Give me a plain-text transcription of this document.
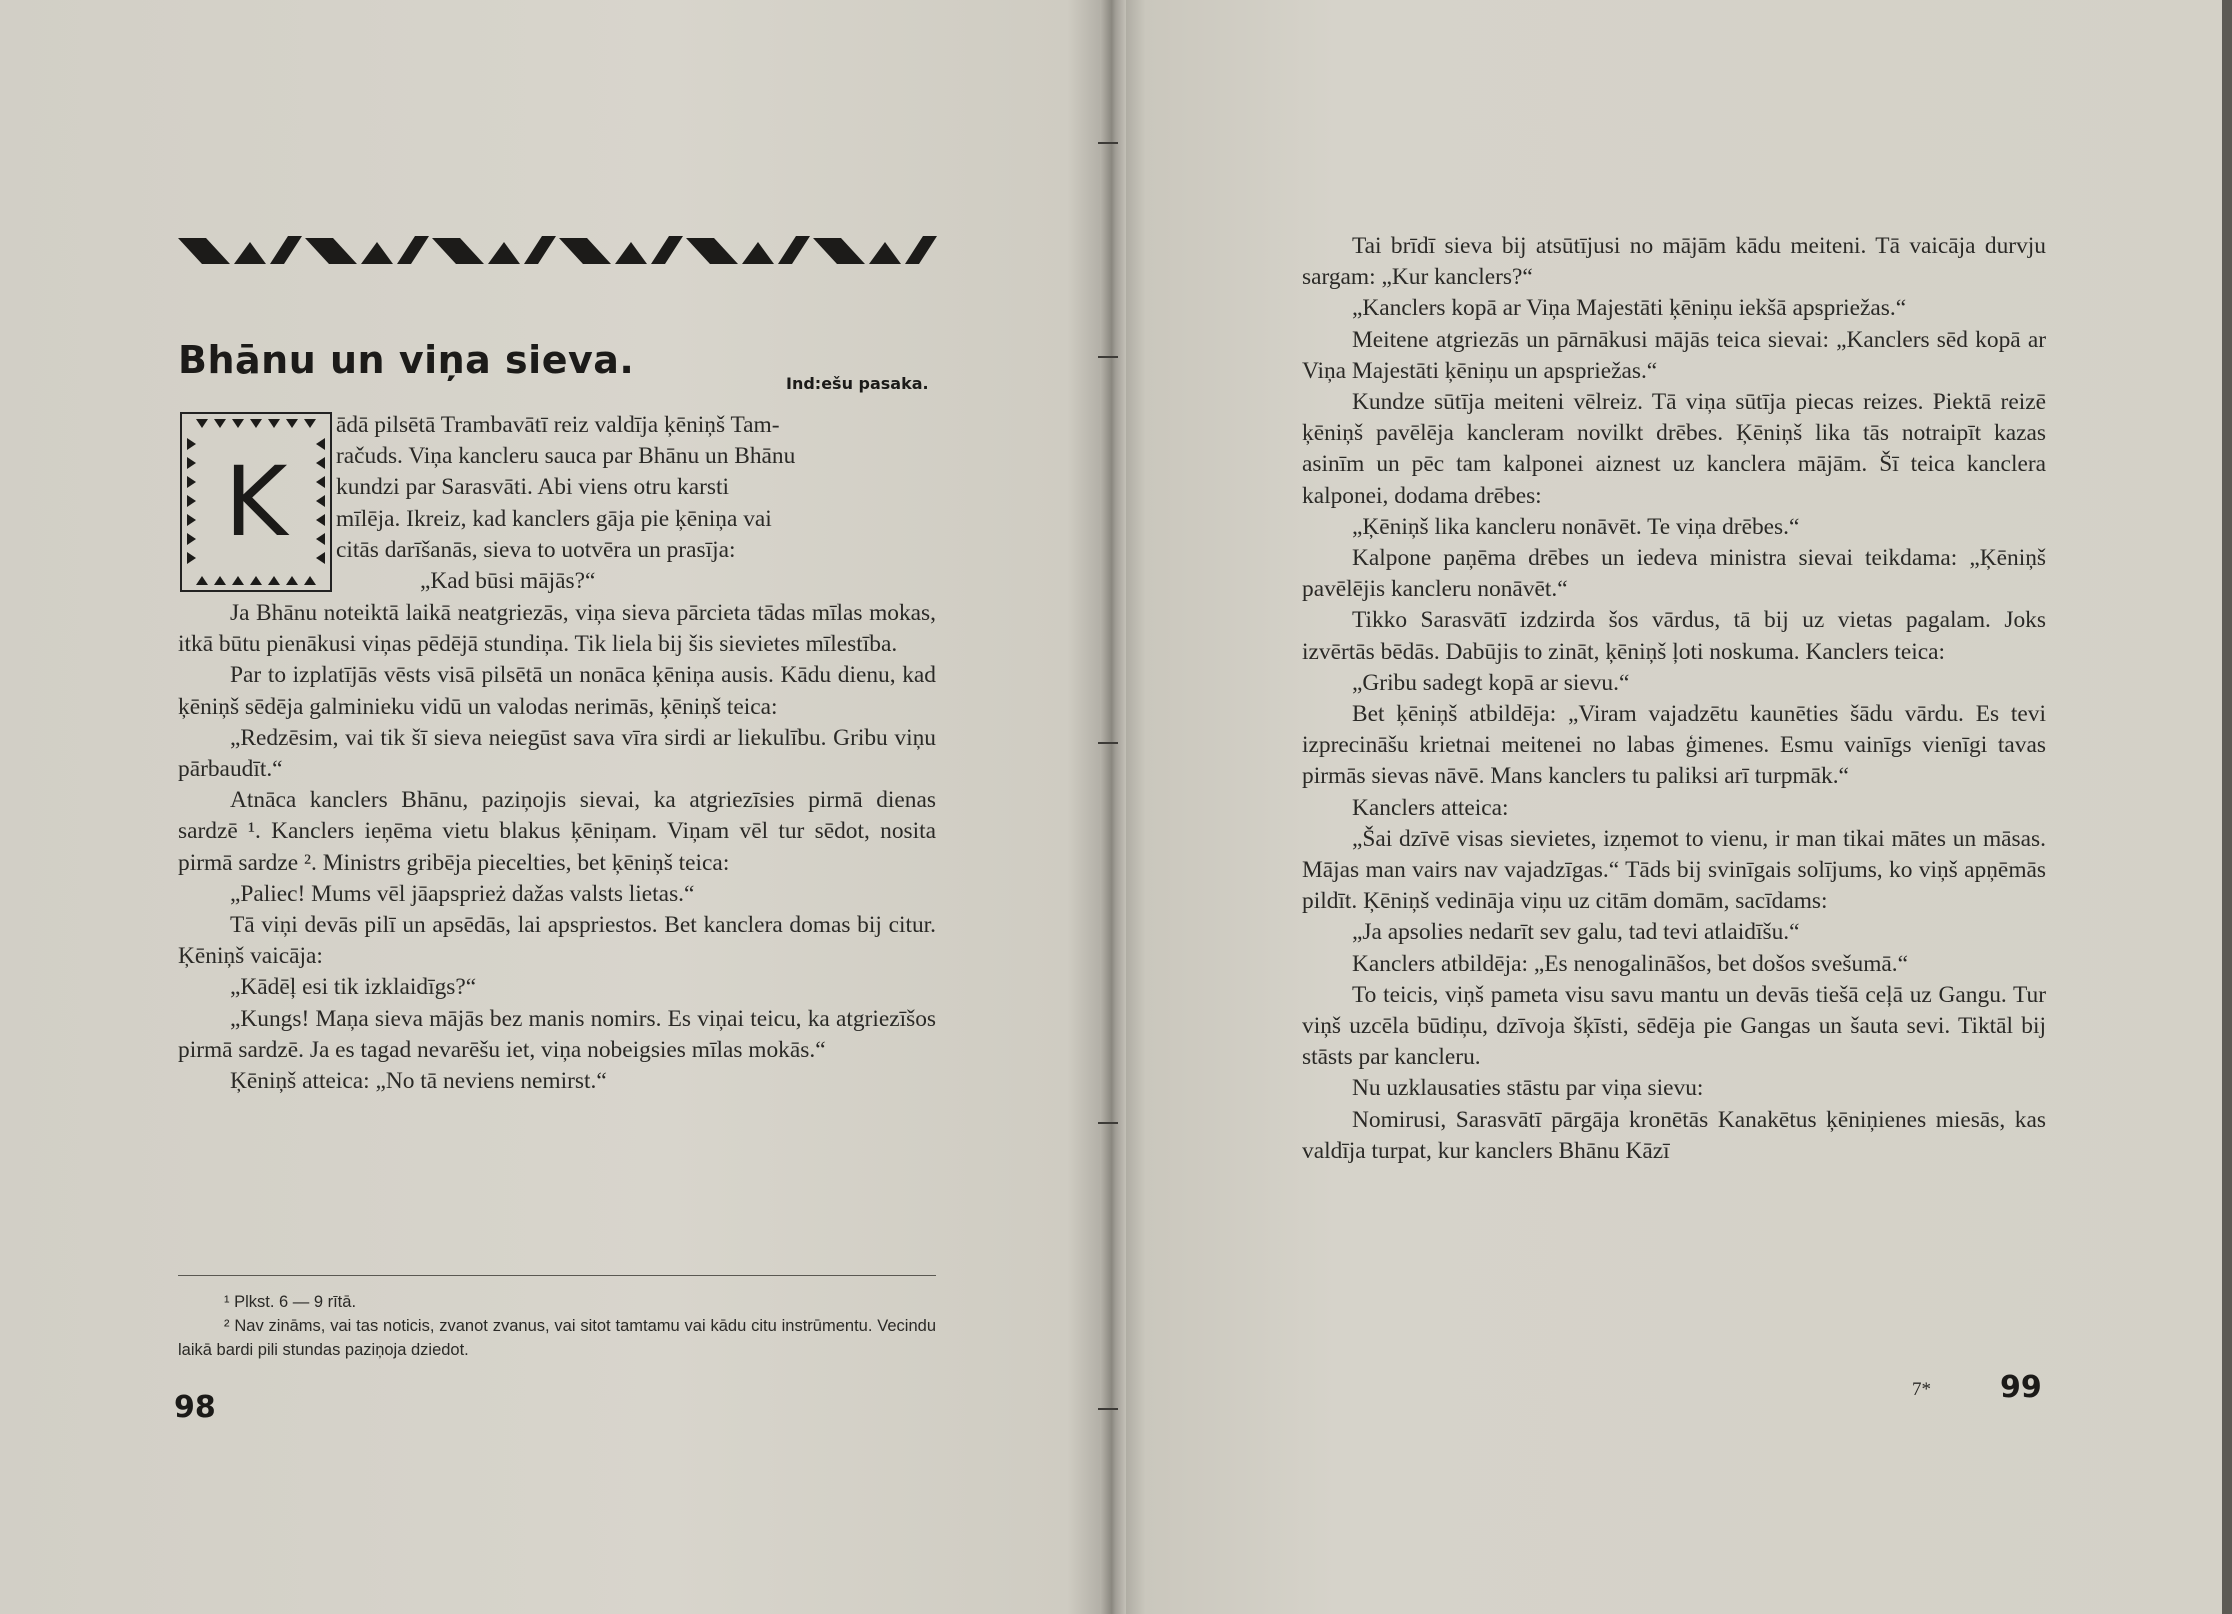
Bhānu un viņa sieva.
Ind:ešu pasaka.
K

ādā pilsētā Trambavātī reiz valdīja ķēniņš Tam-

račuds. Viņa kancleru sauca par Bhānu un Bhānu

kundzi par Sarasvāti. Abi viens otru karsti

mīlēja. Ikreiz, kad kanclers gāja pie ķēniņa vai

citās darīšanās, sieva to uotvēra un prasīja:

„Kad būsi mājās?“

Ja Bhānu noteiktā laikā neatgriezās, viņa sieva pārcieta tādas mīlas mokas, itkā būtu pienākusi viņas pēdējā stundiņa. Tik liela bij šis sievietes mīlestība.

Par to izplatījās vēsts visā pilsētā un nonāca ķēniņa ausis. Kādu dienu, kad ķēniņš sēdēja galminieku vidū un valodas nerimās, ķēniņš teica:

„Redzēsim, vai tik šī sieva neiegūst sava vīra sirdi ar liekulību. Gribu viņu pārbaudīt.“

Atnāca kanclers Bhānu, paziņojis sievai, ka atgriezīsies pirmā dienas sardzē ¹. Kanclers ieņēma vietu blakus ķēniņam. Viņam vēl tur sēdot, nosita pirmā sardze ². Ministrs gribēja piecelties, bet ķēniņš teica:

„Paliec! Mums vēl jāapsprież dažas valsts lietas.“

Tā viņi devās pilī un apsēdās, lai apspriestos. Bet kanclera domas bij citur. Ķēniņš vaicāja:

„Kādēļ esi tik izklaidīgs?“

„Kungs! Maņa sieva mājās bez manis nomirs. Es viņai teicu, ka atgriezīšos pirmā sardzē. Ja es tagad nevarēšu iet, viņa nobeigsies mīlas mokās.“

Ķēniņš atteica: „No tā neviens nemirst.“

¹ Plkst. 6 — 9 rītā.

² Nav zināms, vai tas noticis, zvanot zvanus, vai sitot tamtamu vai kādu citu instrūmentu. Vecindu laikā bardi pili stundas paziņoja dziedot.

98

Tai brīdī sieva bij atsūtījusi no mājām kādu meiteni. Tā vaicāja durvju sargam: „Kur kanclers?“

„Kanclers kopā ar Viņa Majestāti ķēniņu iekšā apspriežas.“

Meitene atgriezās un pārnākusi mājās teica sievai: „Kanclers sēd kopā ar Viņa Majestāti ķēniņu un apspriežas.“

Kundze sūtīja meiteni vēlreiz. Tā viņa sūtīja piecas reizes. Piektā reizē ķēniņš pavēlēja kancleram novilkt drēbes. Ķēniņš lika tās notraipīt kazas asinīm un pēc tam kalponei aiznest uz kanclera mājām. Šī teica kanclera kalponei, dodama drēbes:

„Ķēniņš lika kancleru nonāvēt. Te viņa drēbes.“

Kalpone paņēma drēbes un iedeva ministra sievai teikdama: „Ķēniņš pavēlējis kancleru nonāvēt.“

Tikko Sarasvātī izdzirda šos vārdus, tā bij uz vietas pagalam. Joks izvērtās bēdās. Dabūjis to zināt, ķēniņš ļoti noskuma. Kanclers teica:

„Gribu sadegt kopā ar sievu.“

Bet ķēniņš atbildēja: „Viram vajadzētu kaunēties šādu vārdu. Es tevi izprecināšu krietnai meitenei no labas ģimenes. Esmu vainīgs vienīgi tavas pirmās sievas nāvē. Mans kanclers tu paliksi arī turpmāk.“

Kanclers atteica:

„Šai dzīvē visas sievietes, izņemot to vienu, ir man tikai mātes un māsas. Mājas man vairs nav vajadzīgas.“ Tāds bij svinīgais solījums, ko viņš apņēmās pildīt. Ķēniņš vedināja viņu uz citām domām, sacīdams:

„Ja apsolies nedarīt sev galu, tad tevi atlaidīšu.“

Kanclers atbildēja: „Es nenogalināšos, bet došos svešumā.“

To teicis, viņš pameta visu savu mantu un devās tiešā ceļā uz Gangu. Tur viņš uzcēla būdiņu, dzīvoja šķīsti, sēdēja pie Gangas un šauta sevi. Tiktāl bij stāsts par kancleru.

Nu uzklausaties stāstu par viņa sievu:

Nomirusi, Sarasvātī pārgāja kronētās Kanakētus ķēniņienes miesās, kas valdīja turpat, kur kanclers Bhānu Kāzī

7* 99
